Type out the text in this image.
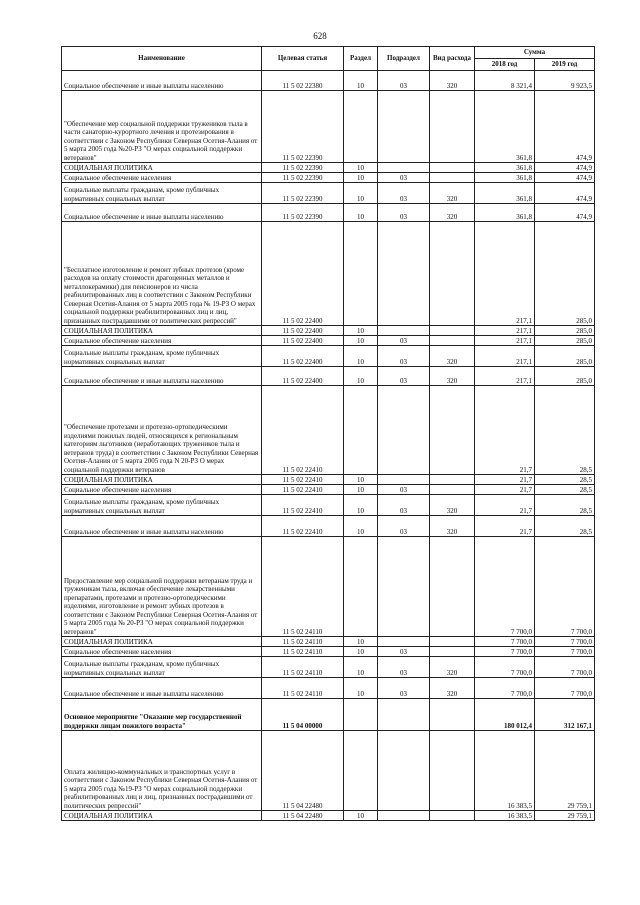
628
Наименование	Целевая статья	Раздел	Подраздел	Вид расхода	Сумма	
					2018 год	2019 год
Социальное обеспечение и иные выплаты населению	11 5 02 22380	10	03	320	8 321,4	9 923,5
"Обеспечение мер социальной поддержки тружеников тыла в части санаторно-курортного лечения и протезирования в соответствии с Законом Республики Северная Осетия-Алания от 5 марта 2005 года №20-РЗ "О мерах социальной поддержки ветеранов"	11 5 02 22390				361,8	474,9
СОЦИАЛЬНАЯ ПОЛИТИКА	11 5 02 22390	10			361,8	474,9
Социальное обеспечение населения	11 5 02 22390	10	03		361,8	474,9
Социальные выплаты гражданам, кроме публичных нормативных социальных выплат	11 5 02 22390	10	03	320	361,8	474,9
Социальное обеспечение и иные выплаты населению	11 5 02 22390	10	03	320	361,8	474,9
"Бесплатное изготовление и ремонт зубных протезов (кроме расходов на оплату стоимости драгоценных металлов и металлокерамики) для пенсионеров из числа реабилитированных лиц в соответствии с Законом Республики Северная Осетия-Алания от 5 марта 2005 года № 19-РЗ О мерах социальной поддержки реабилитированных лиц и лиц, признанных пострадавшими от политических репрессий"	11 5 02 22400				217,1	285,0
СОЦИАЛЬНАЯ ПОЛИТИКА	11 5 02 22400	10			217,1	285,0
Социальное обеспечение населения	11 5 02 22400	10	03		217,1	285,0
Социальные выплаты гражданам, кроме публичных нормативных социальных выплат	11 5 02 22400	10	03	320	217,1	285,0
Социальное обеспечение и иные выплаты населению	11 5 02 22400	10	03	320	217,1	285,0
"Обеспечение протезами и протезно-ортопедическими изделиями пожилых людей, относящихся к региональным категориям льготников (неработающих тружеников тыла и ветеранов труда) в соответствии с Законом Республики Северная Осетия-Алания от 5 марта 2005 года N 20-РЗ О мерах социальной поддержки ветеранов	11 5 02 22410				21,7	28,5
СОЦИАЛЬНАЯ ПОЛИТИКА	11 5 02 22410	10			21,7	28,5
Социальное обеспечение населения	11 5 02 22410	10	03		21,7	28,5
Социальные выплаты гражданам, кроме публичных нормативных социальных выплат	11 5 02 22410	10	03	320	21,7	28,5
Социальное обеспечение и иные выплаты населению	11 5 02 22410	10	03	320	21,7	28,5
Предоставление мер социальной поддержки ветеранам труда и труженикам тыла, включая обеспечение лекарственными препаратами, протезами и протезно-ортопедическими изделиями, изготовление и ремонт зубных протезов в соответствии с Законом Республики Северная Осетия-Алания от 5 марта 2005 года № 20-РЗ "О мерах социальной поддержки ветеранов"	11 5 02 24110				7 700,0	7 700,0
СОЦИАЛЬНАЯ ПОЛИТИКА	11 5 02 24110	10			7 700,0	7 700,0
Социальное обеспечение населения	11 5 02 24110	10	03		7 700,0	7 700,0
Социальные выплаты гражданам, кроме публичных нормативных социальных выплат	11 5 02 24110	10	03	320	7 700,0	7 700,0
Социальное обеспечение и иные выплаты населению	11 5 02 24110	10	03	320	7 700,0	7 700,0
Основное мероприятие "Оказание мер государственной поддержки лицам пожилого возраста"	11 5 04 00000				180 012,4	312 167,1
Оплата жилищно-коммунальных и транспортных услуг в соответствии с Законом Республики Северная Осетия-Алания от 5 марта 2005 года №19-РЗ "О мерах социальной поддержки реабилитированных лиц и лиц, признанных пострадавшими от политических репрессий"	11 5 04 22480				16 383,5	29 759,1
СОЦИАЛЬНАЯ ПОЛИТИКА	11 5 04 22480	10			16 383,5	29 759,1
